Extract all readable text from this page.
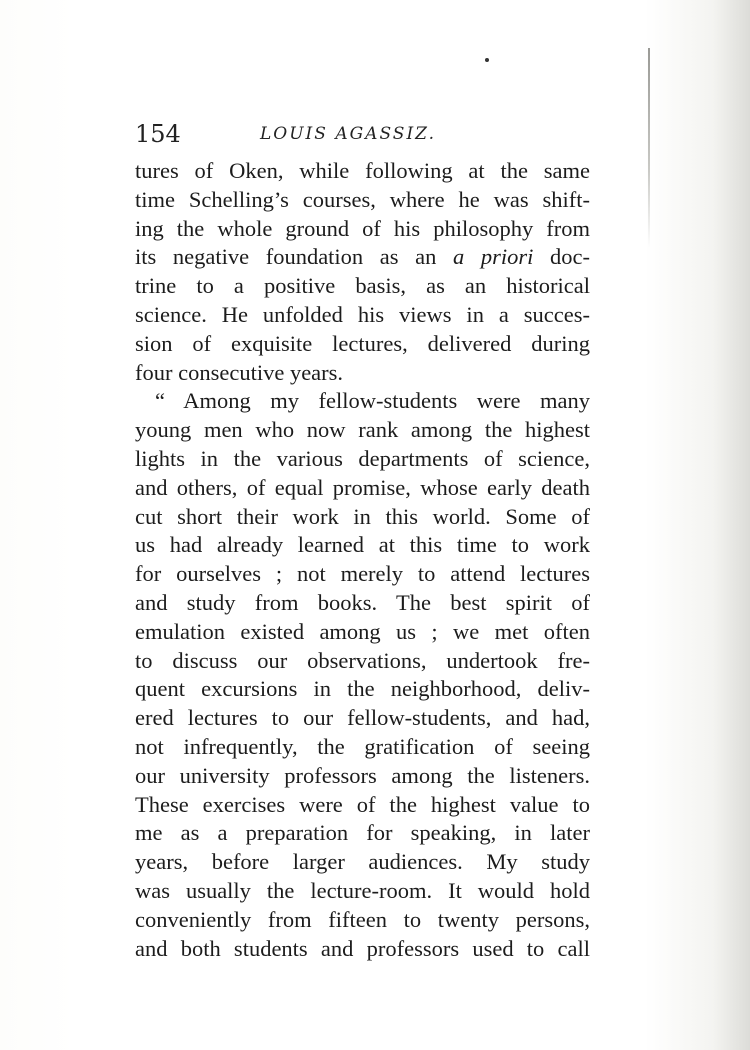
154	LOUIS AGASSIZ.
tures of Oken, while following at the same
time Schelling’s courses, where he was shift-
ing the whole ground of his philosophy from
its negative foundation as an a priori doc-
trine to a positive basis, as an historical
science. He unfolded his views in a succes-
sion of exquisite lectures, delivered during
four consecutive years.
“ Among my fellow-students were many
young men who now rank among the highest
lights in the various departments of science,
and others, of equal promise, whose early death
cut short their work in this world. Some of
us had already learned at this time to work
for ourselves ; not merely to attend lectures
and study from books. The best spirit of
emulation existed among us ; we met often
to discuss our observations, undertook fre-
quent excursions in the neighborhood, deliv-
ered lectures to our fellow-students, and had,
not infrequently, the gratification of seeing
our university professors among the listeners.
These exercises were of the highest value to
me as a preparation for speaking, in later
years, before larger audiences. My study
was usually the lecture-room. It would hold
conveniently from fifteen to twenty persons,
and both students and professors used to call
